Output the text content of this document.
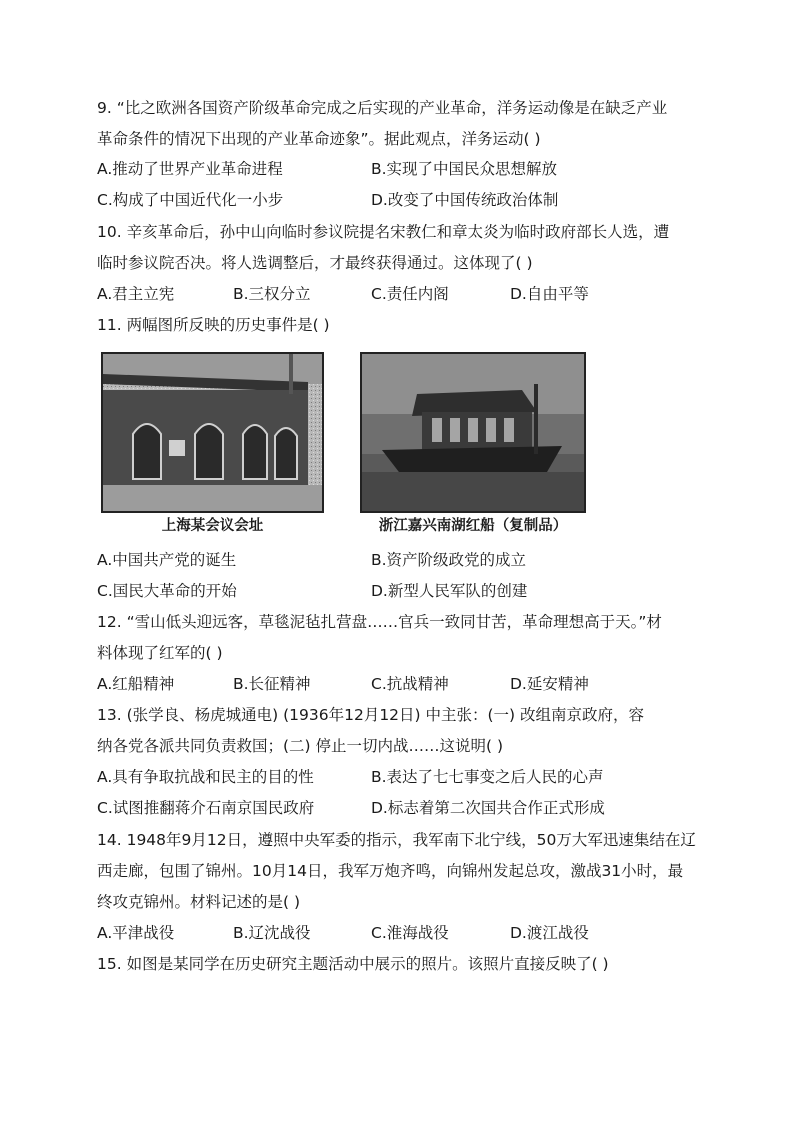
9. “比之欧洲各国资产阶级革命完成之后实现的产业革命，洋务运动像是在缺乏产业
革命条件的情况下出现的产业革命迹象”。据此观点，洋务运动( )
A.推动了世界产业革命进程	B.实现了中国民众思想解放
C.构成了中国近代化一小步	D.改变了中国传统政治体制
10. 辛亥革命后，孙中山向临时参议院提名宋教仁和章太炎为临时政府部长人选，遭
临时参议院否决。将人选调整后，才最终获得通过。这体现了( )
A.君主立宪	B.三权分立	C.责任内阁	D.自由平等
11. 两幅图所反映的历史事件是( )
上海某会议会址	浙江嘉兴南湖红船（复制品）
A.中国共产党的诞生	B.资产阶级政党的成立
C.国民大革命的开始	D.新型人民军队的创建
12. “雪山低头迎远客，草毯泥毡扎营盘……官兵一致同甘苦，革命理想高于天。”材
料体现了红军的( )
A.红船精神	B.长征精神	C.抗战精神	D.延安精神
13. (张学良、杨虎城通电) (1936年12月12日) 中主张：(一) 改组南京政府，容
纳各党各派共同负责救国；(二) 停止一切内战……这说明( )
A.具有争取抗战和民主的目的性	B.表达了七七事变之后人民的心声
C.试图推翻蒋介石南京国民政府	D.标志着第二次国共合作正式形成
14. 1948年9月12日，遵照中央军委的指示，我军南下北宁线，50万大军迅速集结在辽
西走廊，包围了锦州。10月14日，我军万炮齐鸣，向锦州发起总攻，激战31小时，最
终攻克锦州。材料记述的是( )
A.平津战役	B.辽沈战役	C.淮海战役	D.渡江战役
15. 如图是某同学在历史研究主题活动中展示的照片。该照片直接反映了( )
